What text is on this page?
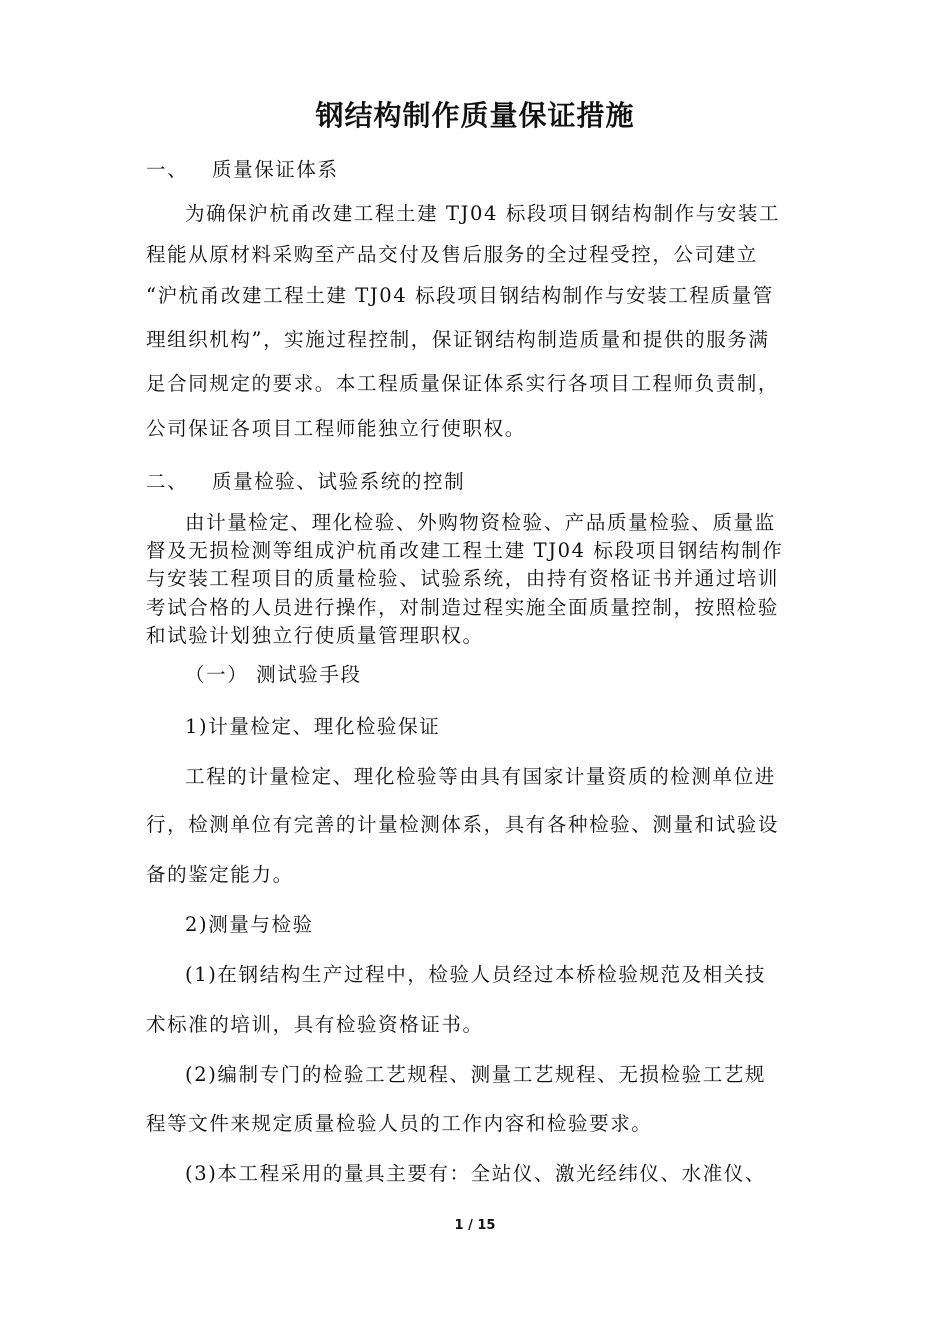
钢结构制作质量保证措施
一、 质量保证体系
为确保沪杭甬改建工程土建 TJ04 标段项目钢结构制作与安装工
程能从原材料采购至产品交付及售后服务的全过程受控，公司建立
“沪杭甬改建工程土建 TJ04 标段项目钢结构制作与安装工程质量管
理组织机构”，实施过程控制，保证钢结构制造质量和提供的服务满
足合同规定的要求。本工程质量保证体系实行各项目工程师负责制，
公司保证各项目工程师能独立行使职权。
二、 质量检验、试验系统的控制
由计量检定、理化检验、外购物资检验、产品质量检验、质量监
督及无损检测等组成沪杭甬改建工程土建 TJ04 标段项目钢结构制作
与安装工程项目的质量检验、试验系统，由持有资格证书并通过培训
考试合格的人员进行操作，对制造过程实施全面质量控制，按照检验
和试验计划独立行使质量管理职权。
（一） 测试验手段
1)计量检定、理化检验保证
工程的计量检定、理化检验等由具有国家计量资质的检测单位进
行，检测单位有完善的计量检测体系，具有各种检验、测量和试验设
备的鉴定能力。
2)测量与检验
(1)在钢结构生产过程中，检验人员经过本桥检验规范及相关技
术标准的培训，具有检验资格证书。
(2)编制专门的检验工艺规程、测量工艺规程、无损检验工艺规
程等文件来规定质量检验人员的工作内容和检验要求。
(3)本工程采用的量具主要有：全站仪、激光经纬仪、水准仪、
1 / 15
